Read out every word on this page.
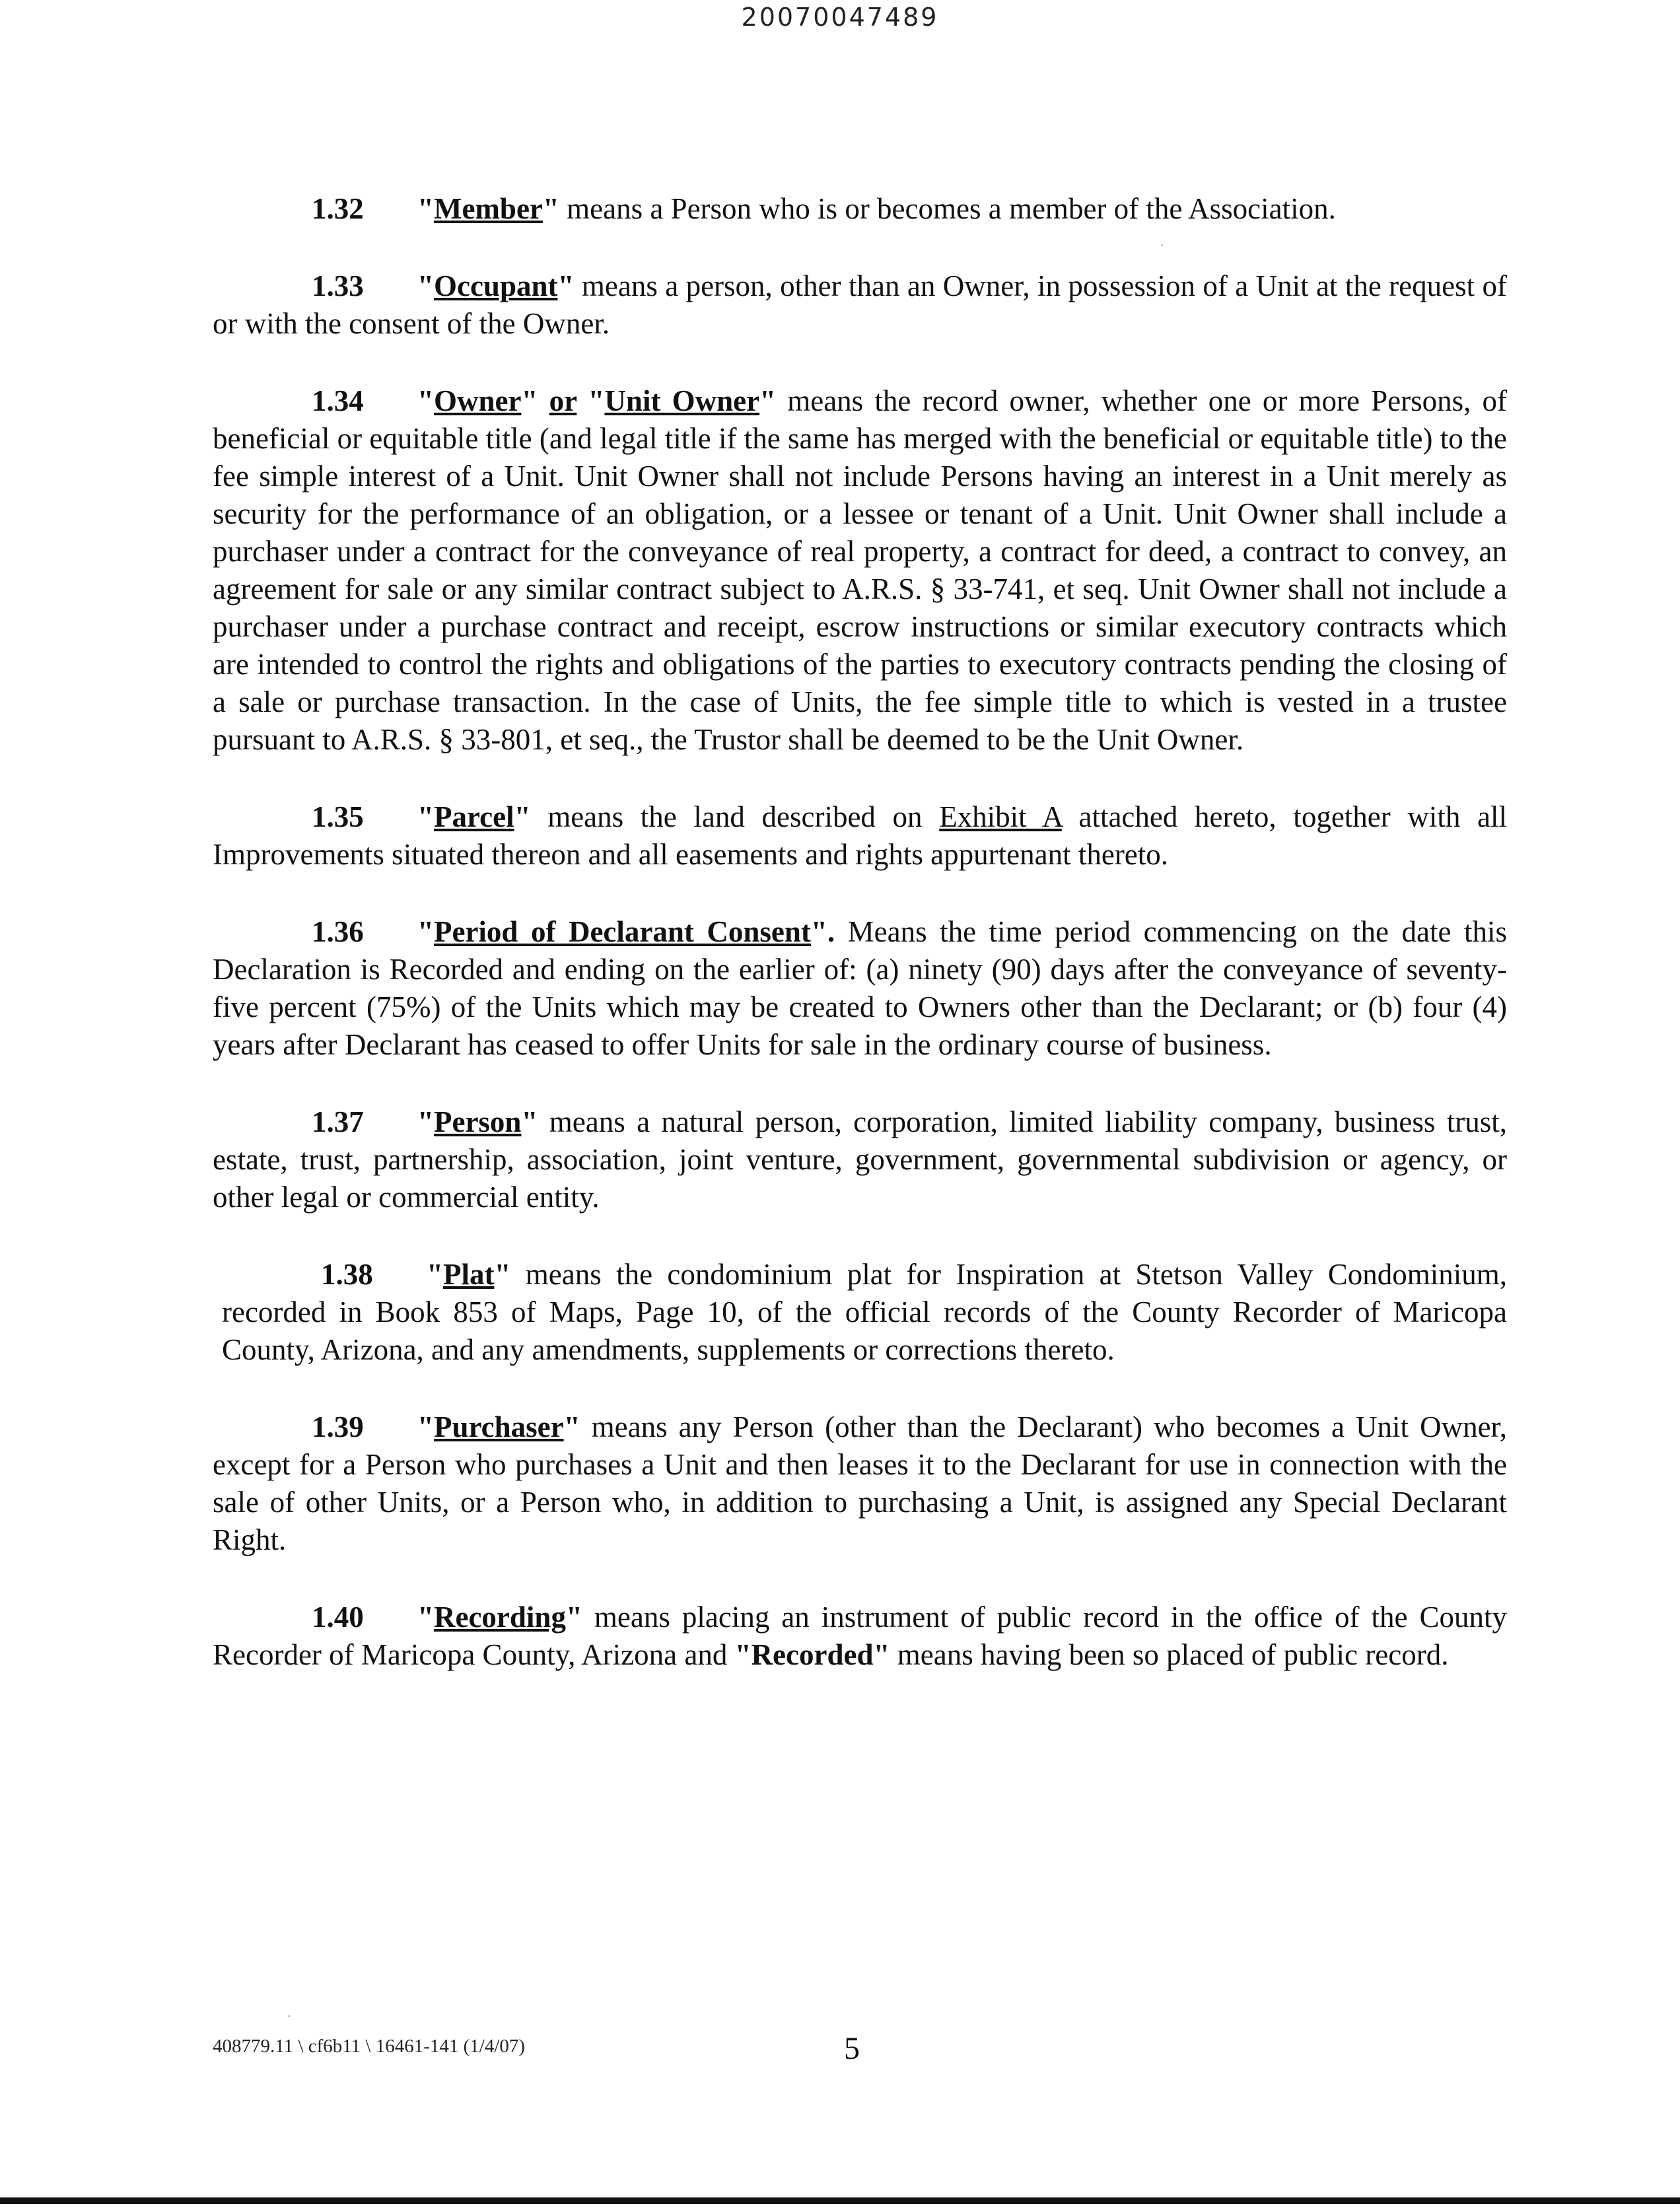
20070047489

1.32 "Member" means a Person who is or becomes a member of the Association.

1.33 "Occupant" means a person, other than an Owner, in possession of a Unit at the request of or with the consent of the Owner.

1.34 "Owner" or "Unit Owner" means the record owner, whether one or more Persons, of beneficial or equitable title (and legal title if the same has merged with the beneficial or equitable title) to the fee simple interest of a Unit. Unit Owner shall not include Persons having an interest in a Unit merely as security for the performance of an obligation, or a lessee or tenant of a Unit. Unit Owner shall include a purchaser under a contract for the conveyance of real property, a contract for deed, a contract to convey, an agreement for sale or any similar contract subject to A.R.S. § 33-741, et seq. Unit Owner shall not include a purchaser under a purchase contract and receipt, escrow instructions or similar executory contracts which are intended to control the rights and obligations of the parties to executory contracts pending the closing of a sale or purchase transaction. In the case of Units, the fee simple title to which is vested in a trustee pursuant to A.R.S. § 33-801, et seq., the Trustor shall be deemed to be the Unit Owner.

1.35 "Parcel" means the land described on Exhibit A attached hereto, together with all Improvements situated thereon and all easements and rights appurtenant thereto.

1.36 "Period of Declarant Consent". Means the time period commencing on the date this Declaration is Recorded and ending on the earlier of: (a) ninety (90) days after the conveyance of seventy-five percent (75%) of the Units which may be created to Owners other than the Declarant; or (b) four (4) years after Declarant has ceased to offer Units for sale in the ordinary course of business.

1.37 "Person" means a natural person, corporation, limited liability company, business trust, estate, trust, partnership, association, joint venture, government, governmental subdivision or agency, or other legal or commercial entity.

1.38 "Plat" means the condominium plat for Inspiration at Stetson Valley Condominium, recorded in Book 853 of Maps, Page 10, of the official records of the County Recorder of Maricopa County, Arizona, and any amendments, supplements or corrections thereto.

1.39 "Purchaser" means any Person (other than the Declarant) who becomes a Unit Owner, except for a Person who purchases a Unit and then leases it to the Declarant for use in connection with the sale of other Units, or a Person who, in addition to purchasing a Unit, is assigned any Special Declarant Right.

1.40 "Recording" means placing an instrument of public record in the office of the County Recorder of Maricopa County, Arizona and "Recorded" means having been so placed of public record.

408779.11 \ cf6b11 \ 16461-141 (1/4/07)	5
